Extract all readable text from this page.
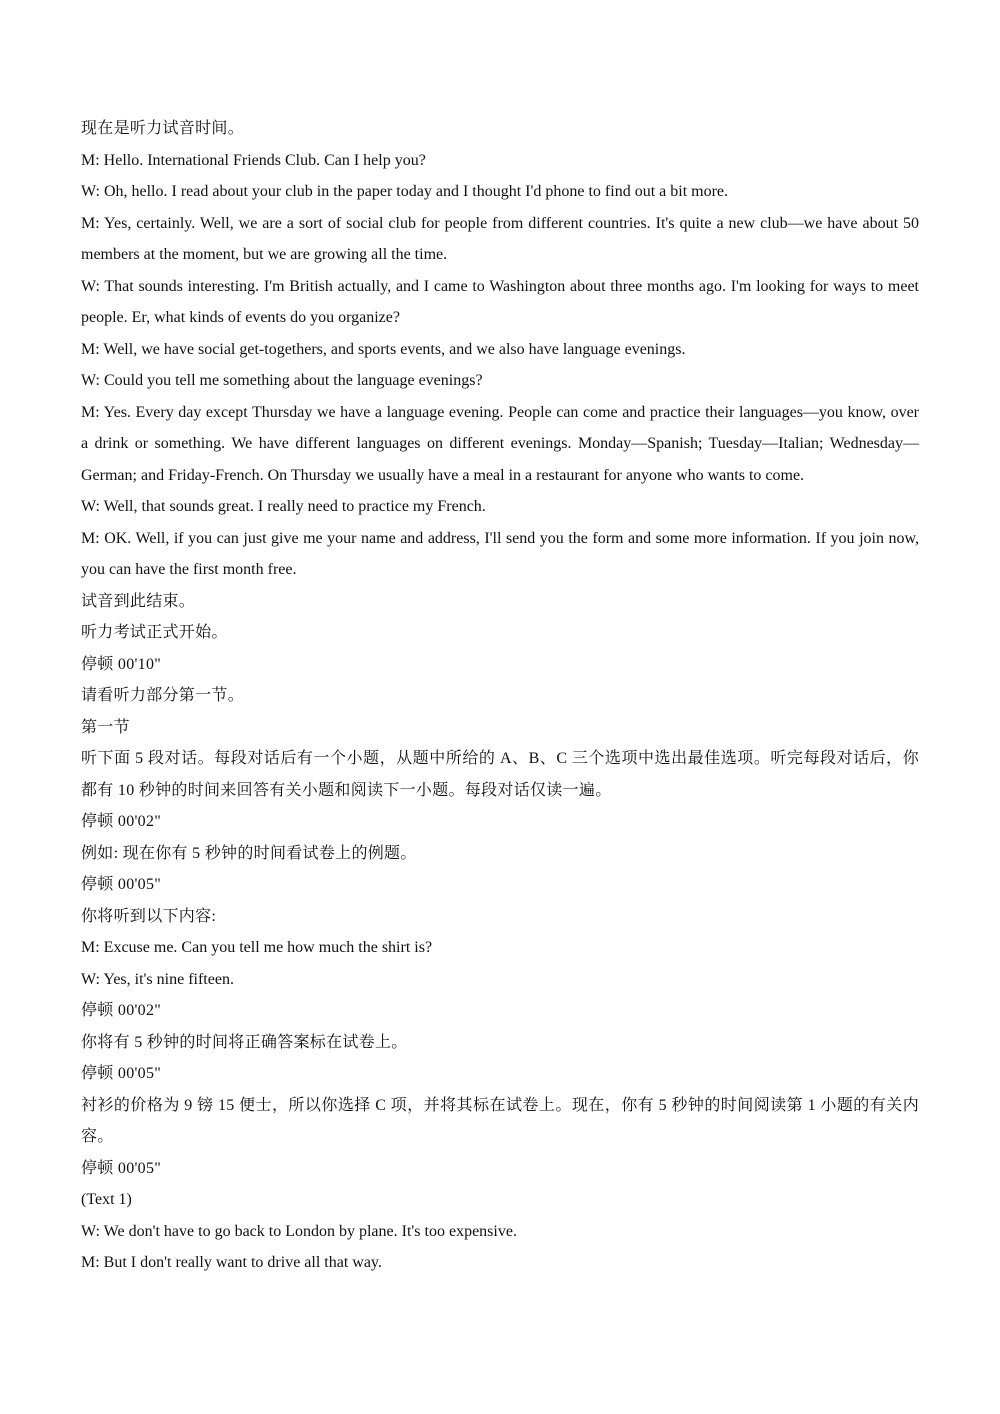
现在是听力试音时间。

M: Hello. International Friends Club. Can I help you?

W: Oh, hello. I read about your club in the paper today and I thought I'd phone to find out a bit more.

M: Yes, certainly. Well, we are a sort of social club for people from different countries. It's quite a new club—we have about 50 members at the moment, but we are growing all the time.

W: That sounds interesting. I'm British actually, and I came to Washington about three months ago. I'm looking for ways to meet people. Er, what kinds of events do you organize?

M: Well, we have social get-togethers, and sports events, and we also have language evenings.

W: Could you tell me something about the language evenings?

M: Yes. Every day except Thursday we have a language evening. People can come and practice their languages—you know, over a drink or something. We have different languages on different evenings. Monday—Spanish; Tuesday—Italian; Wednesday— German; and Friday-French. On Thursday we usually have a meal in a restaurant for anyone who wants to come.

W: Well, that sounds great. I really need to practice my French.

M: OK. Well, if you can just give me your name and address, I'll send you the form and some more information. If you join now, you can have the first month free.

试音到此结束。

听力考试正式开始。

停顿 00'10"

请看听力部分第一节。

第一节

听下面 5 段对话。每段对话后有一个小题，从题中所给的 A、B、C 三个选项中选出最佳选项。听完每段对话后，你都有 10 秒钟的时间来回答有关小题和阅读下一小题。每段对话仅读一遍。

停顿 00'02"

例如: 现在你有 5 秒钟的时间看试卷上的例题。

停顿 00'05"

你将听到以下内容:

M: Excuse me. Can you tell me how much the shirt is?

W: Yes, it's nine fifteen.

停顿 00'02"

你将有 5 秒钟的时间将正确答案标在试卷上。

停顿 00'05"

衬衫的价格为 9 镑 15 便士，所以你选择 C 项，并将其标在试卷上。现在，你有 5 秒钟的时间阅读第 1 小题的有关内容。

停顿 00'05"

(Text 1)

W: We don't have to go back to London by plane. It's too expensive.

M: But I don't really want to drive all that way.
